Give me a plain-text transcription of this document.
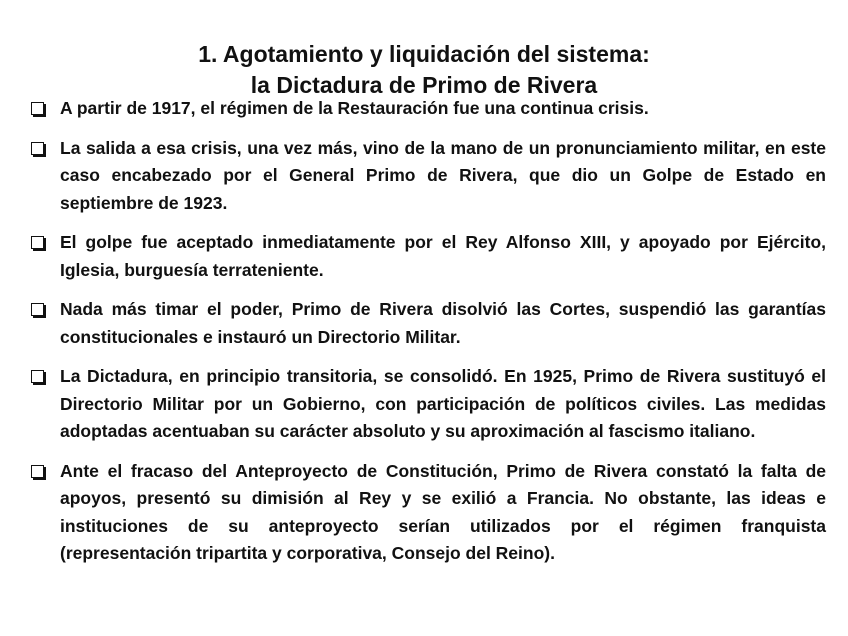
1. Agotamiento y liquidación del sistema:
la Dictadura de Primo de Rivera
A partir de 1917, el régimen de la Restauración fue una continua crisis.
La salida a esa crisis, una vez más, vino de la mano de un pronunciamiento militar, en este caso encabezado por el General Primo de Rivera, que dio un Golpe de Estado en septiembre de 1923.
El golpe fue aceptado inmediatamente por el Rey Alfonso XIII, y apoyado por Ejército, Iglesia, burguesía terrateniente.
Nada más timar el poder, Primo de Rivera disolvió las Cortes, suspendió las garantías constitucionales e instauró un Directorio Militar.
La Dictadura, en principio transitoria, se consolidó. En 1925, Primo de Rivera sustituyó el Directorio Militar por un Gobierno, con participación de políticos civiles. Las medidas adoptadas acentuaban su carácter absoluto y su aproximación al fascismo italiano.
Ante el fracaso del Anteproyecto de Constitución, Primo de Rivera constató la falta de apoyos, presentó su dimisión al Rey y se exilió a Francia. No obstante, las ideas e instituciones de su anteproyecto serían utilizados por el régimen franquista (representación tripartita y corporativa, Consejo del Reino).
